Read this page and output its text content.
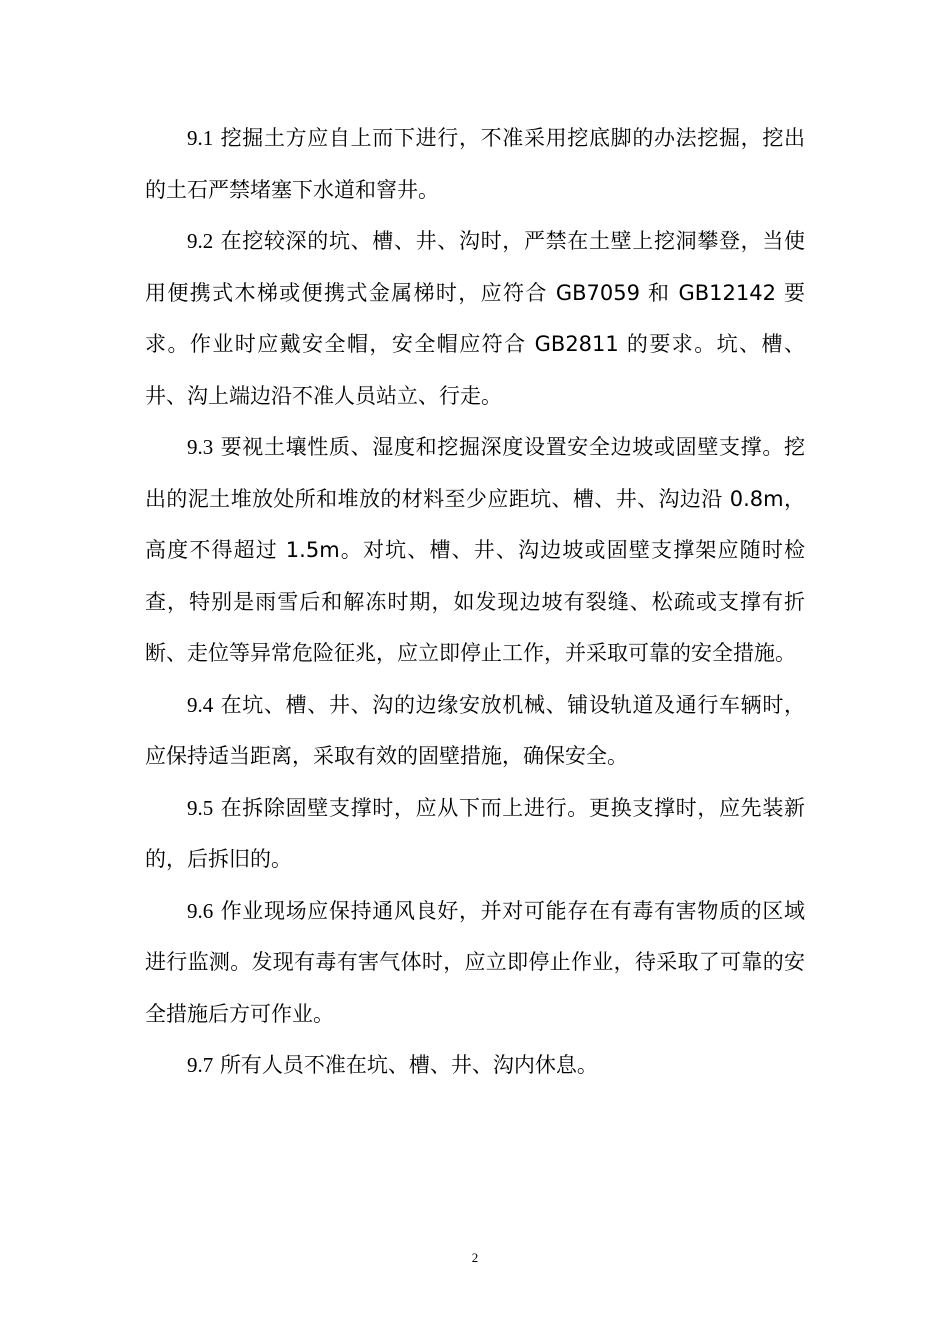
9.1 挖掘土方应自上而下进行，不准采用挖底脚的办法挖掘，挖出的土石严禁堵塞下水道和窨井。

9.2 在挖较深的坑、槽、井、沟时，严禁在土壁上挖洞攀登，当使用便携式木梯或便携式金属梯时，应符合 GB7059 和 GB12142 要求。作业时应戴安全帽，安全帽应符合 GB2811 的要求。坑、槽、井、沟上端边沿不准人员站立、行走。

9.3 要视土壤性质、湿度和挖掘深度设置安全边坡或固壁支撑。挖出的泥土堆放处所和堆放的材料至少应距坑、槽、井、沟边沿 0.8m，高度不得超过 1.5m。对坑、槽、井、沟边坡或固壁支撑架应随时检查，特别是雨雪后和解冻时期，如发现边坡有裂缝、松疏或支撑有折断、走位等异常危险征兆，应立即停止工作，并采取可靠的安全措施。

9.4 在坑、槽、井、沟的边缘安放机械、铺设轨道及通行车辆时，应保持适当距离，采取有效的固壁措施，确保安全。

9.5 在拆除固壁支撑时，应从下而上进行。更换支撑时，应先装新的，后拆旧的。

9.6 作业现场应保持通风良好，并对可能存在有毒有害物质的区域进行监测。发现有毒有害气体时，应立即停止作业，待采取了可靠的安全措施后方可作业。

9.7 所有人员不准在坑、槽、井、沟内休息。

2
